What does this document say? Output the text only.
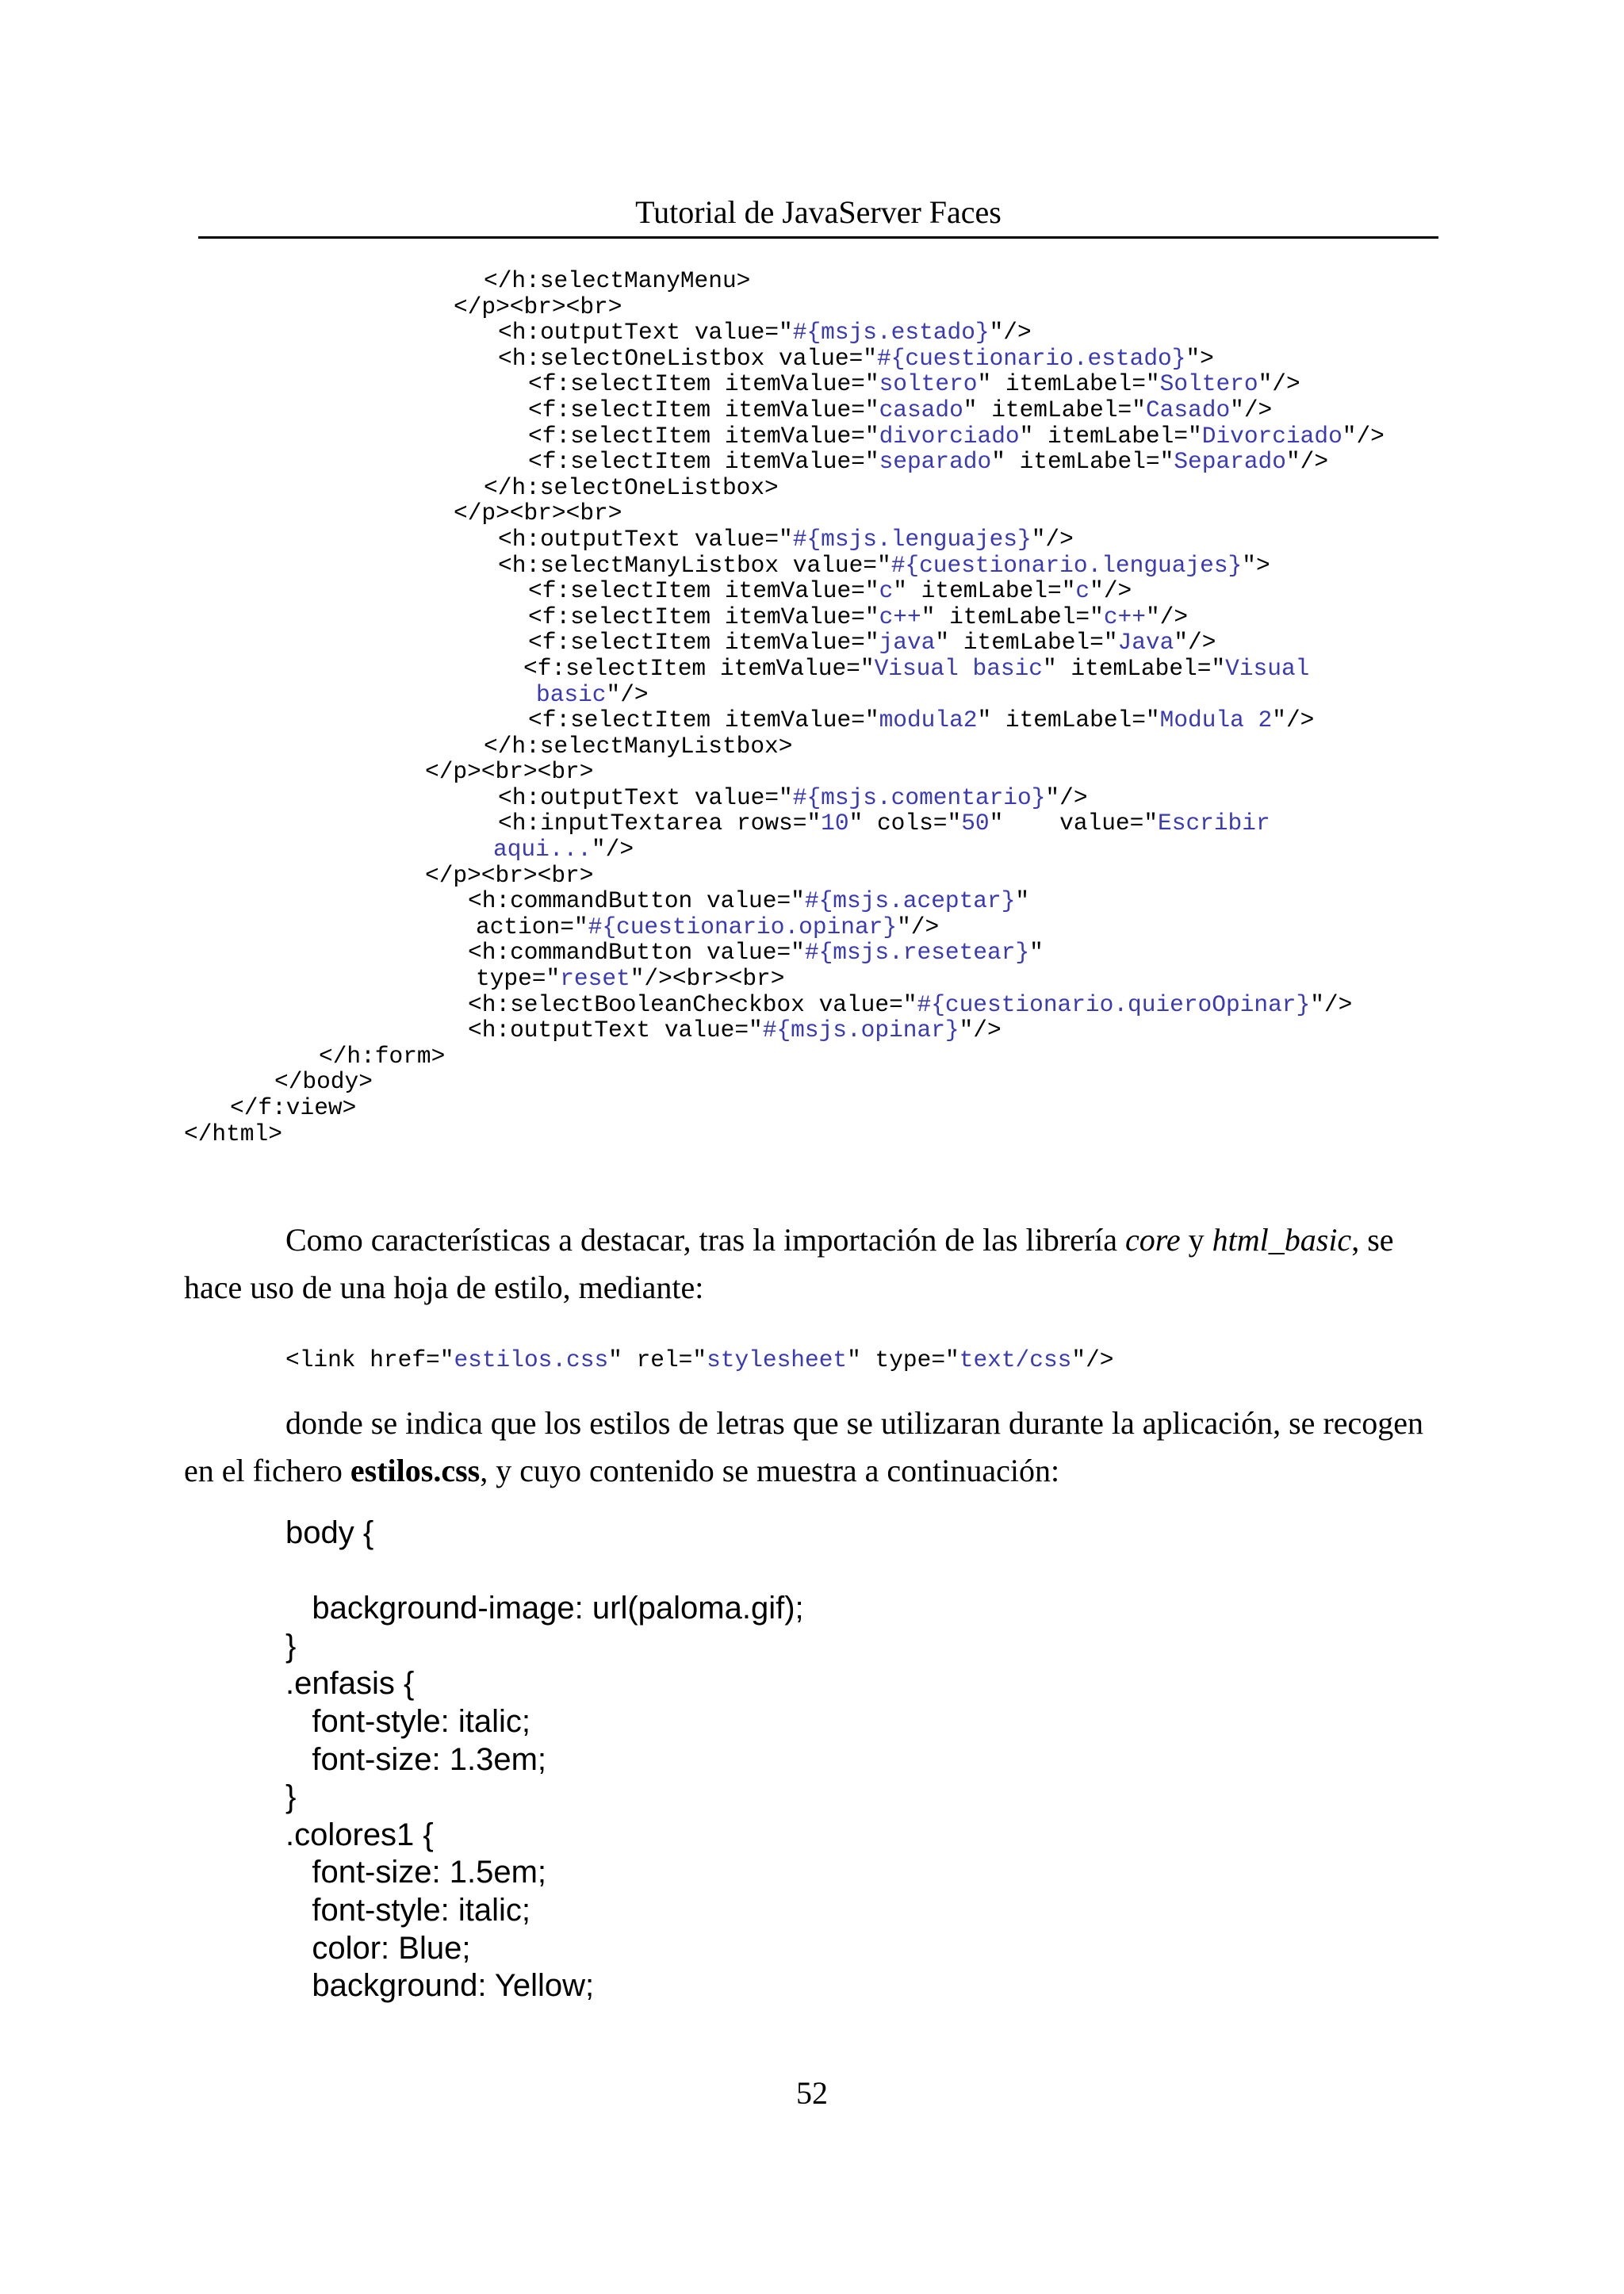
Tutorial de JavaServer Faces
</h:selectManyMenu>
</p><br><br>
<h:outputText value="#{msjs.estado}"/>
<h:selectOneListbox value="#{cuestionario.estado}">
<f:selectItem itemValue="soltero" itemLabel="Soltero"/>
<f:selectItem itemValue="casado" itemLabel="Casado"/>
<f:selectItem itemValue="divorciado" itemLabel="Divorciado"/>
<f:selectItem itemValue="separado" itemLabel="Separado"/>
</h:selectOneListbox>
</p><br><br>
<h:outputText value="#{msjs.lenguajes}"/>
<h:selectManyListbox value="#{cuestionario.lenguajes}">
<f:selectItem itemValue="c" itemLabel="c"/>
<f:selectItem itemValue="c++" itemLabel="c++"/>
<f:selectItem itemValue="java" itemLabel="Java"/>
<f:selectItem itemValue="Visual basic" itemLabel="Visual
basic"/>
<f:selectItem itemValue="modula2" itemLabel="Modula 2"/>
</h:selectManyListbox>
</p><br><br>
<h:outputText value="#{msjs.comentario}"/>
<h:inputTextarea rows="10" cols="50"    value="Escribir
aqui..."/>
</p><br><br>
<h:commandButton value="#{msjs.aceptar}"
action="#{cuestionario.opinar}"/>
<h:commandButton value="#{msjs.resetear}"
type="reset"/><br><br>
<h:selectBooleanCheckbox value="#{cuestionario.quieroOpinar}"/>
<h:outputText value="#{msjs.opinar}"/>
</h:form>
</body>
</f:view>
</html>

Como características a destacar, tras la importación de las librería core y html_basic, se hace uso de una hoja de estilo, mediante:

<link href="estilos.css" rel="stylesheet" type="text/css"/>

donde se indica que los estilos de letras que se utilizaran durante la aplicación, se recogen en el fichero estilos.css, y cuyo contenido se muestra a continuación:

body {
background-image: url(paloma.gif);
}
.enfasis {
font-style: italic;
font-size: 1.3em;
}
.colores1 {
font-size: 1.5em;
font-style: italic;
color: Blue;
background: Yellow;
52
